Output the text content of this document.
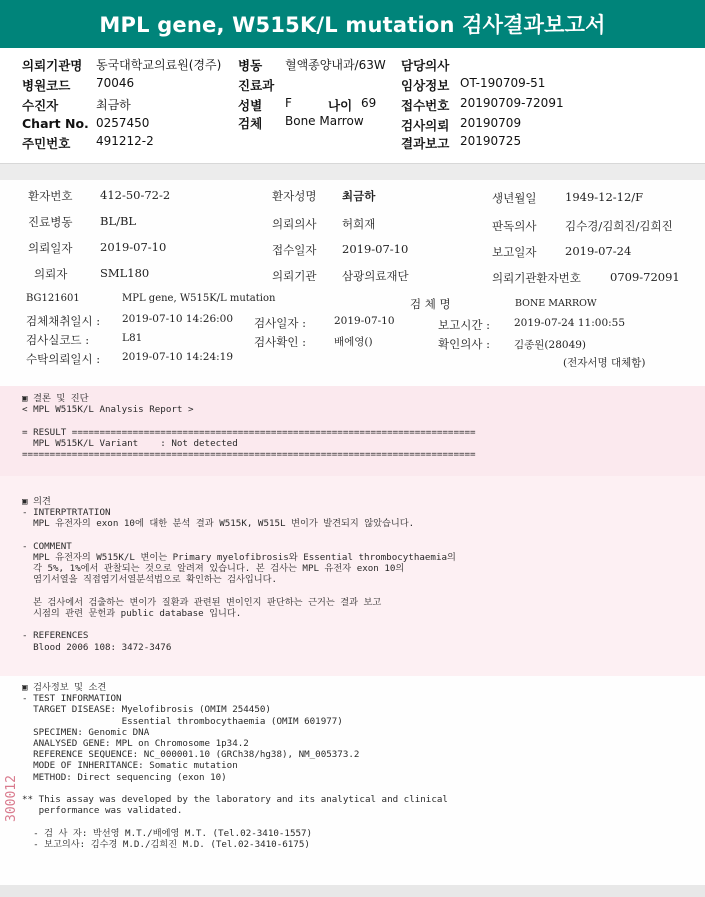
MPL gene, W515K/L mutation 검사결과보고서
의뢰기관명 동국대학교의료원(경주) 병동 혈액종양내과/63W 담당의사
병원코드 70046	진료과	임상정보 OT-190709-51
수진자	최금하	성별 F	나이 69 접수번호 20190709-72091
Chart No. 0257450	검체 Bone Marrow	검사의뢰 20190709
주민번호 491212-2	결과보고 20190725
환자번호 412-50-72-2	환자성명 최금하	생년월일 1949-12-12/F
진료병동 BL/BL	의뢰의사 허희재	판독의사 김수경/김희진/김희진
의뢰일자 2019-07-10	접수일자 2019-07-10	보고일자 2019-07-24
의뢰자	SML180	의뢰기관 삼광의료재단	의뢰기관환자번호	0709-72091
BG121601	MPL gene, W515K/L mutation	검 체 명	BONE MARROW
검체채취일시 : 2019-07-10 14:26:00 검사일자 :	2019-07-10	보고시간 : 2019-07-24 11:00:55
검사실코드 :	L81	검사확인 :	배에영()	확인의사 : 김종원(28049)
수탁의뢰일시 : 2019-07-10 14:24:19	(전자서명 대체함)
▣ 결론 및 진단
< MPL W515K/L Analysis Report >

= RESULT =========================================================================
MPL W515K/L Variant    : Not detected
==================================================================================
▣ 의견
- INTERPTRTATION
MPL 유전자의 exon 10에 대한 분석 결과 W515K, W515L 변이가 발견되지 않았습니다.

- COMMENT
MPL 유전자의 W515K/L 변이는 Primary myelofibrosis와 Essential thrombocythaemia의
각 5%, 1%에서 관찰되는 것으로 알려져 있습니다. 본 검사는 MPL 유전자 exon 10의
염기서열을 직접염기서열분석법으로 확인하는 검사입니다.

본 검사에서 검출하는 변이가 질환과 관련된 변이인지 판단하는 근거는 결과 보고
시점의 관련 문헌과 public database 입니다.

- REFERENCES
Blood 2006 108: 3472-3476
▣ 검사정보 및 소견
- TEST INFORMATION
TARGET DISEASE: Myelofibrosis (OMIM 254450)
Essential thrombocythaemia (OMIM 601977)
SPECIMEN: Genomic DNA
ANALYSED GENE: MPL on Chromosome 1p34.2
REFERENCE SEQUENCE: NC_000001.10 (GRCh38/hg38), NM_005373.2
MODE OF INHERITANCE: Somatic mutation
METHOD: Direct sequencing (exon 10)

** This assay was developed by the laboratory and its analytical and clinical
performance was validated.

- 검 사 자: 박선영 M.T./배에영 M.T. (Tel.02-3410-1557)
- 보고의사: 김수경 M.D./김희진 M.D. (Tel.02-3410-6175)
300012
